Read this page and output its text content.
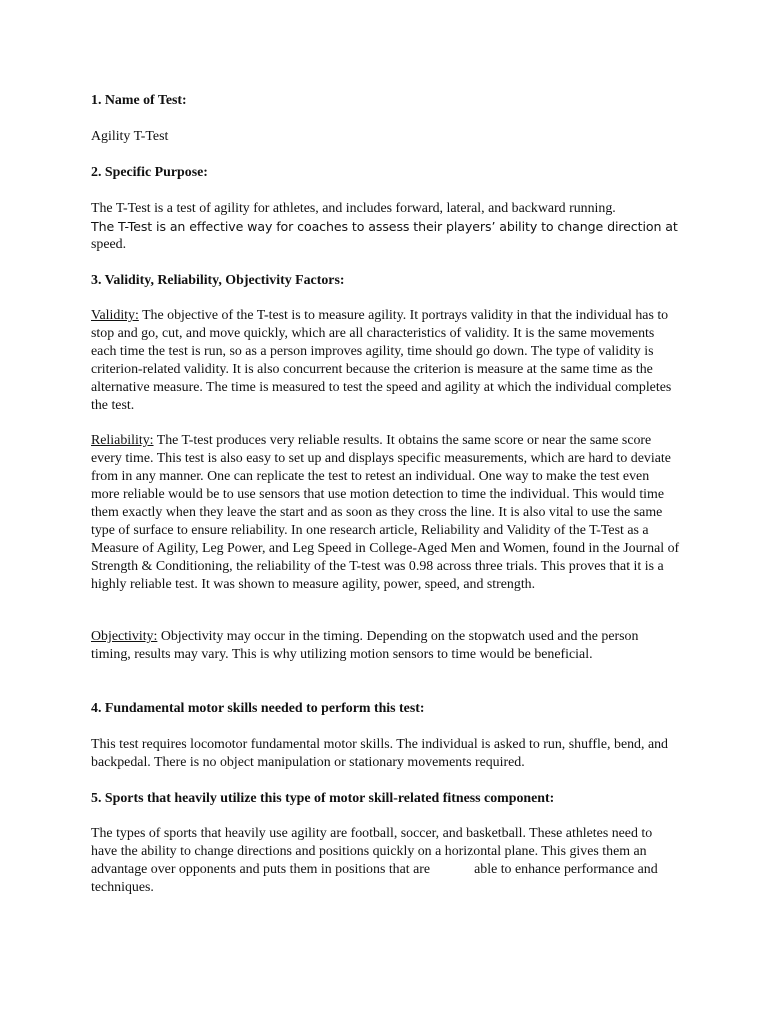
1. Name of Test:

Agility T-Test

2. Specific Purpose:

The T-Test is a test of agility for athletes, and includes forward, lateral, and backward running.
The T-Test is an effective way for coaches to assess their players’ ability to change direction at
speed.

3. Validity, Reliability, Objectivity Factors:

Validity: The objective of the T-test is to measure agility. It portrays validity in that the individual has to stop and go, cut, and move quickly, which are all characteristics of validity. It is the same movements each time the test is run, so as a person improves agility, time should go down. The type of validity is criterion-related validity. It is also concurrent because the criterion is measure at the same time as the alternative measure. The time is measured to test the speed and agility at which the individual completes the test.

Reliability: The T-test produces very reliable results. It obtains the same score or near the same score every time. This test is also easy to set up and displays specific measurements, which are hard to deviate from in any manner. One can replicate the test to retest an individual. One way to make the test even more reliable would be to use sensors that use motion detection to time the individual. This would time them exactly when they leave the start and as soon as they cross the line. It is also vital to use the same type of surface to ensure reliability. In one research article, Reliability and Validity of the T-Test as a Measure of Agility, Leg Power, and Leg Speed in College-Aged Men and Women, found in the Journal of Strength & Conditioning, the reliability of the T-test was 0.98 across three trials. This proves that it is a highly reliable test. It was shown to measure agility, power, speed, and strength.

Objectivity: Objectivity may occur in the timing. Depending on the stopwatch used and the person timing, results may vary. This is why utilizing motion sensors to time would be beneficial.

4. Fundamental motor skills needed to perform this test:

This test requires locomotor fundamental motor skills. The individual is asked to run, shuffle, bend, and backpedal. There is no object manipulation or stationary movements required.

5. Sports that heavily utilize this type of motor skill-related fitness component:

The types of sports that heavily use agility are football, soccer, and basketball. These athletes need to have the ability to change directions and positions quickly on a horizontal plane. This gives them an advantage over opponents and puts them in positions that are	able to enhance performance and techniques.
